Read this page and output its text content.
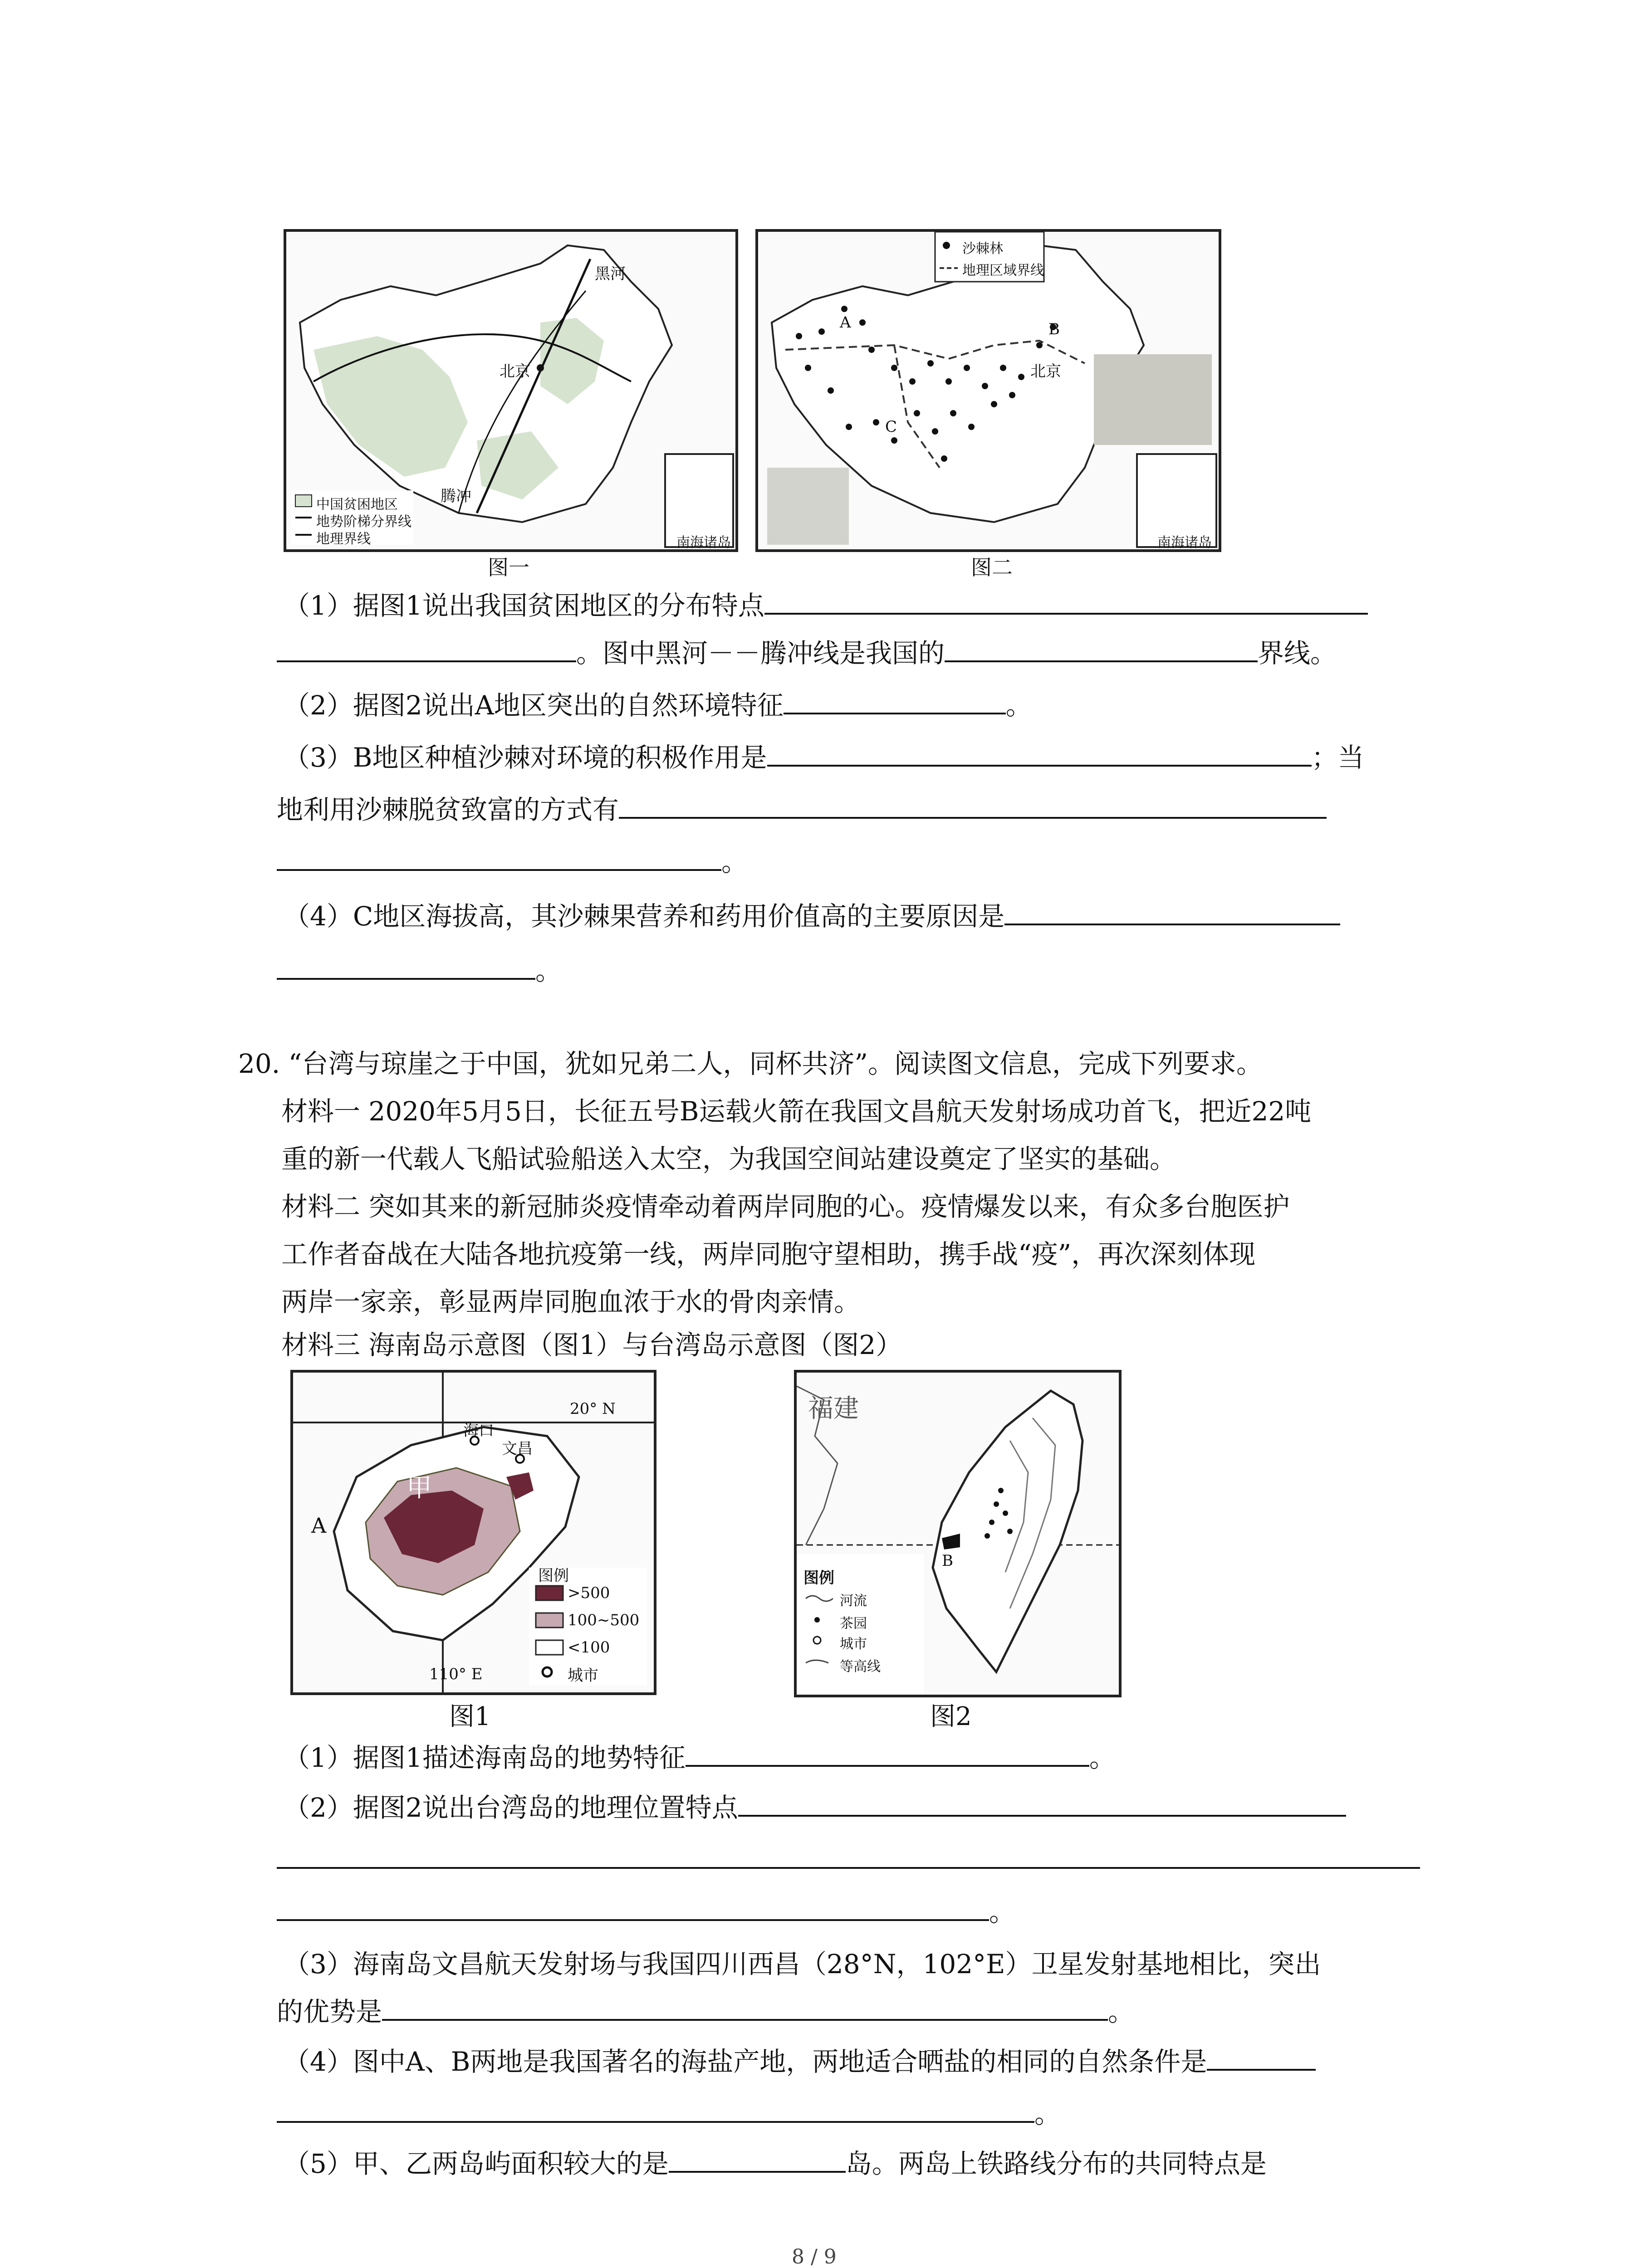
黑河
北京
腾冲
中国贫困地区
地势阶梯分界线
地理界线	南海诸岛
图一
沙棘林
地理区域界线
A	B
C
北京
南海诸岛
图二
（1）据图1说出我国贫困地区的分布特点
。图中黑河－－腾冲线是我国的	界线。
（2）据图2说出A地区突出的自然环境特征	。
（3）B地区种植沙棘对环境的积极作用是	；当
地利用沙棘脱贫致富的方式有
。
（4）C地区海拔高，其沙棘果营养和药用价值高的主要原因是
。
20. “台湾与琼崖之于中国，犹如兄弟二人，同杯共济”。阅读图文信息，完成下列要求。
材料一 2020年5月5日，长征五号B运载火箭在我国文昌航天发射场成功首飞，把近22吨
重的新一代载人飞船试验船送入太空，为我国空间站建设奠定了坚实的基础。
材料二 突如其来的新冠肺炎疫情牵动着两岸同胞的心。疫情爆发以来，有众多台胞医护
工作者奋战在大陆各地抗疫第一线，两岸同胞守望相助，携手战“疫”，再次深刻体现
两岸一家亲，彰显两岸同胞血浓于水的骨肉亲情。
材料三 海南岛示意图（图1）与台湾岛示意图（图2）
20° N
海口
文昌
甲
A
110° E
图例
>500
100~500
<100
城市
图1
福建
B
图例
河流
茶园
城市
等高线
图2
（1）据图1描述海南岛的地势特征	。
（2）据图2说出台湾岛的地理位置特点
。
（3）海南岛文昌航天发射场与我国四川西昌（28°N，102°E）卫星发射基地相比，突出
的优势是	。
（4）图中A、B两地是我国著名的海盐产地，两地适合晒盐的相同的自然条件是
。
（5）甲、乙两岛屿面积较大的是	岛。两岛上铁路线分布的共同特点是
8 / 9
